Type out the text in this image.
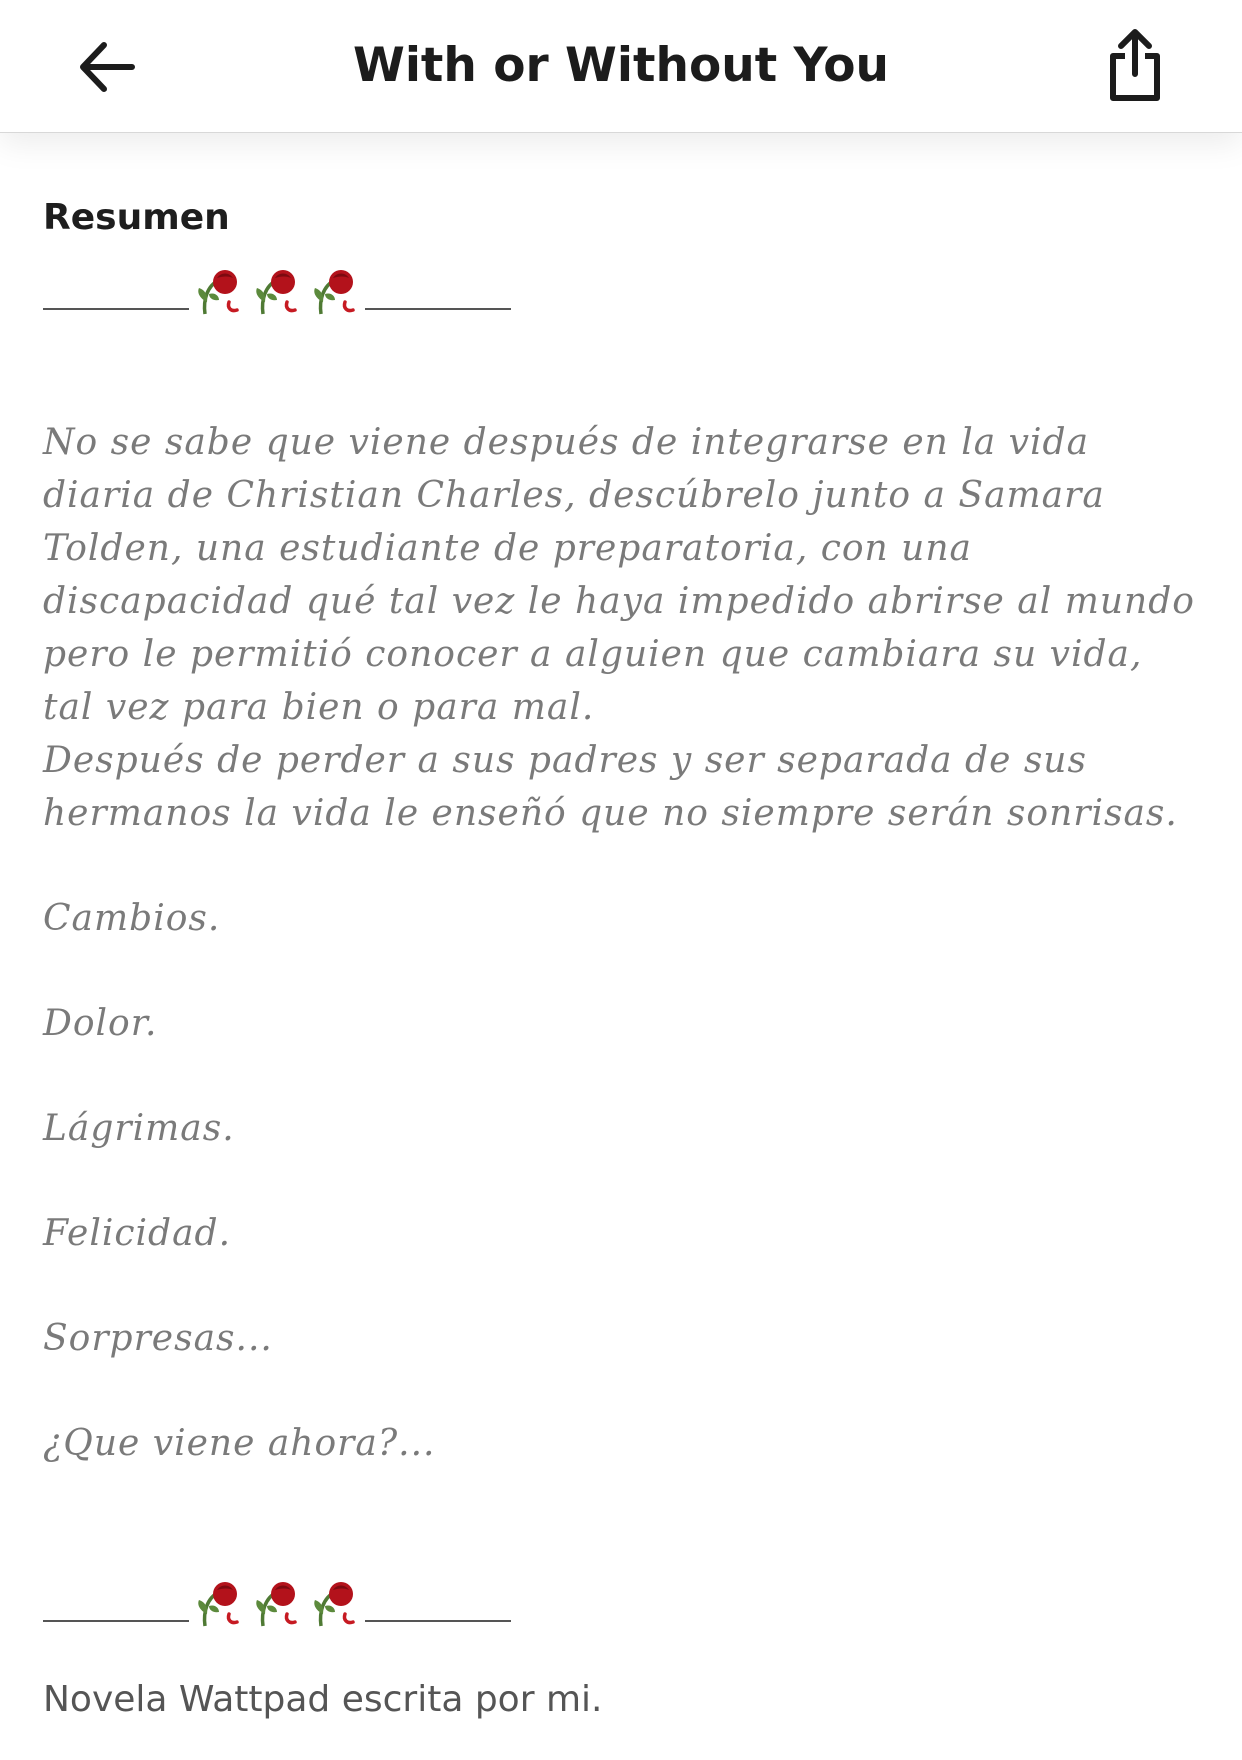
With or Without You
Resumen

No se sabe que viene después de integrarse en la vida diaria de Christian Charles, descúbrelo junto a Samara Tolden, una estudiante de preparatoria, con una discapacidad qué tal vez le haya impedido abrirse al mundo pero le permitió conocer a alguien que cambiara su vida, tal vez para bien o para mal.

Después de perder a sus padres y ser separada de sus hermanos la vida le enseñó que no siempre serán sonrisas.

Cambios.

Dolor.

Lágrimas.

Felicidad.

Sorpresas...

¿Que viene ahora?...

Novela Wattpad escrita por mi.
